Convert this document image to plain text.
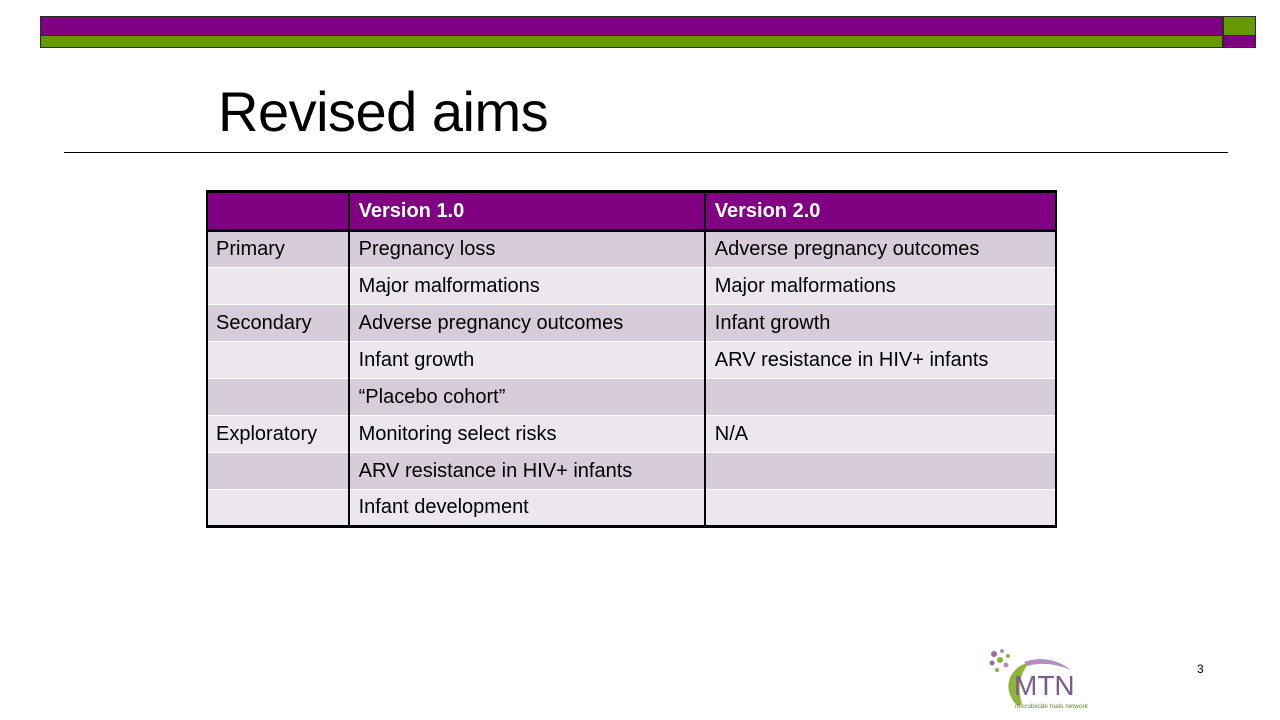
Revised aims
	Version 1.0	Version 2.0
Primary	Pregnancy loss	Adverse pregnancy outcomes
	Major malformations	Major malformations
Secondary	Adverse pregnancy outcomes	Infant growth
	Infant growth	ARV resistance in HIV+ infants
	“Placebo cohort”	
Exploratory	Monitoring select risks	N/A
	ARV resistance in HIV+ infants	
	Infant development	
3
MTN
microbicide trials network
